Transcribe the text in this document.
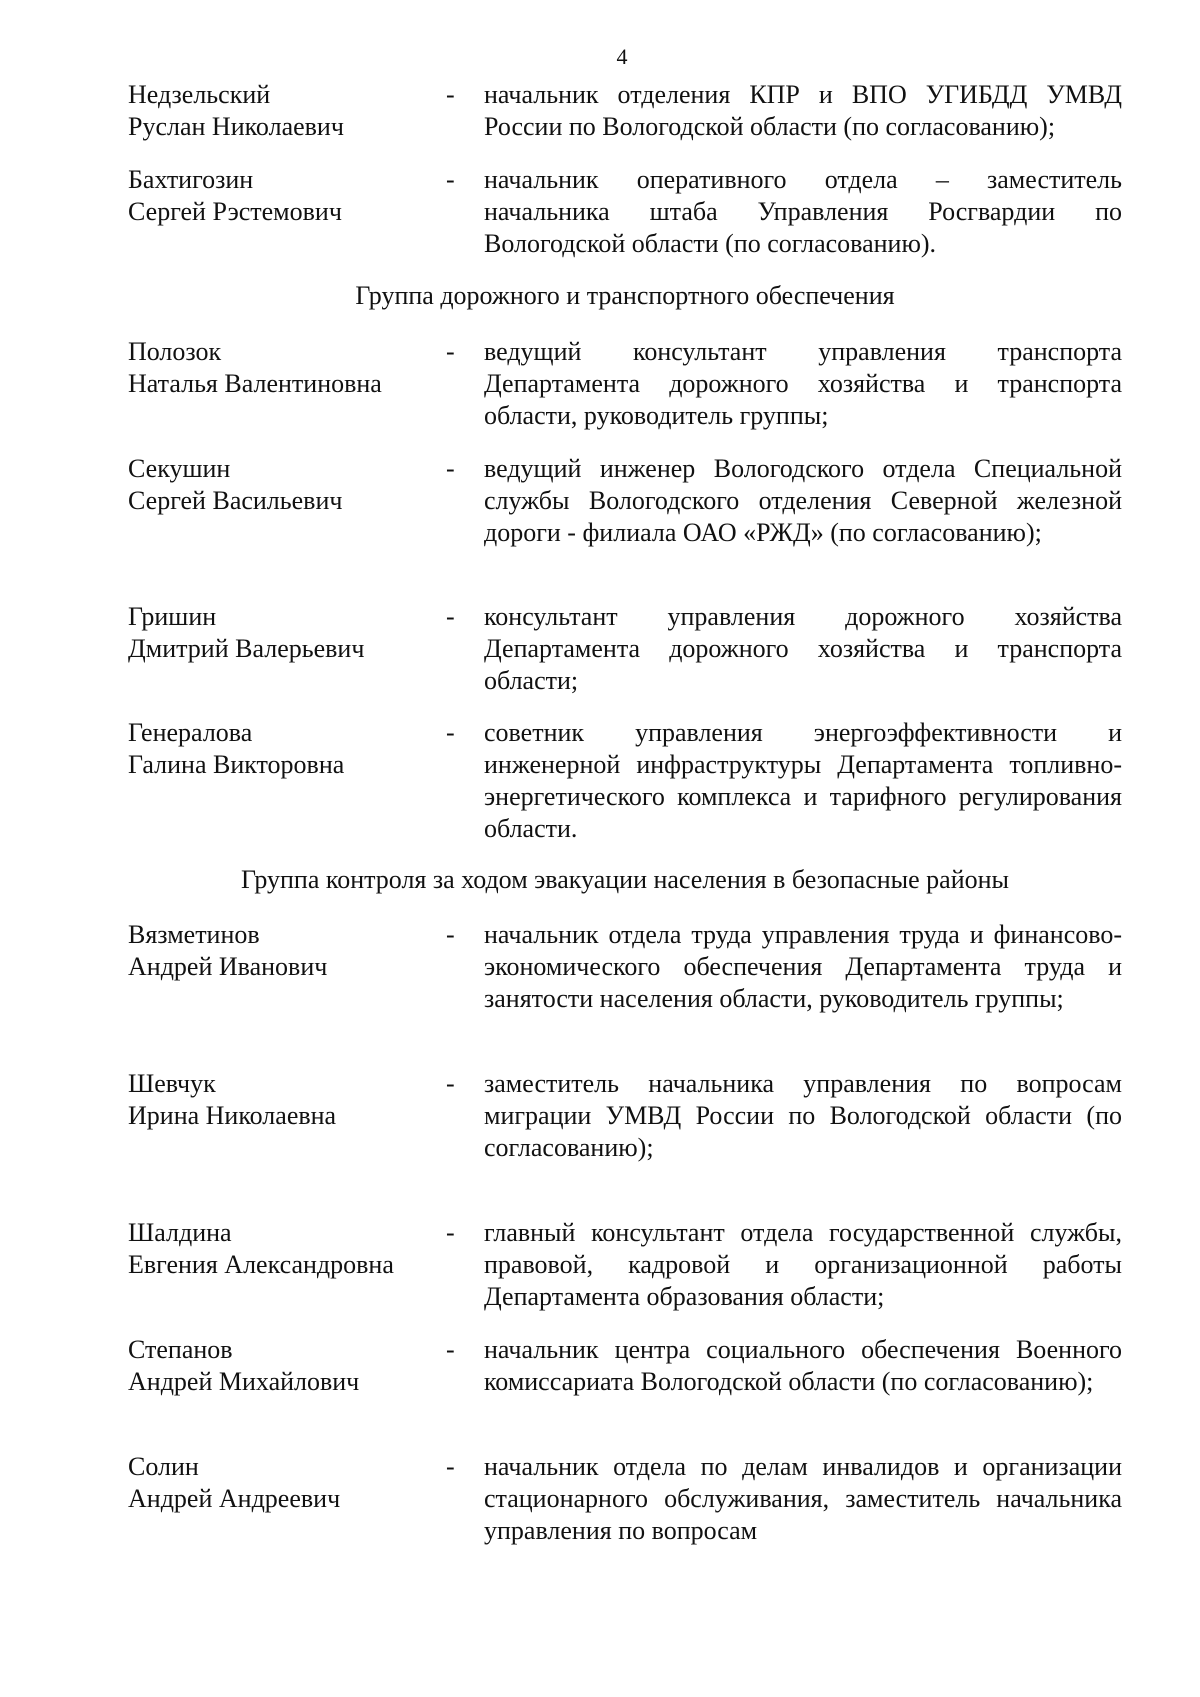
4
Недзельский
Руслан Николаевич
- начальник отделения КПР и ВПО УГИБДД УМВД России по Вологодской области (по согласованию);
Бахтигозин
Сергей Рэстемович
- начальник оперативного отдела – заместитель начальника штаба Управления Росгвардии по Вологодской области (по согласованию).
Группа дорожного и транспортного обеспечения
Полозок
Наталья Валентиновна
- ведущий консультант управления транспорта Департамента дорожного хозяйства и транспорта области, руководитель группы;
Секушин
Сергей Васильевич
- ведущий инженер Вологодского отдела Специальной службы Вологодского отделения Северной железной дороги - филиала ОАО «РЖД» (по согласованию);
Гришин
Дмитрий Валерьевич
- консультант управления дорожного хозяйства Департамента дорожного хозяйства и транспорта области;
Генералова
Галина Викторовна
- советник управления энергоэффективности и инженерной инфраструктуры Департамента топливно-энергетического комплекса и тарифного регулирования области.
Группа контроля за ходом эвакуации населения в безопасные районы
Вязметинов
Андрей Иванович
- начальник отдела труда управления труда и финансово-экономического обеспечения Департамента труда и занятости населения области, руководитель группы;
Шевчук
Ирина Николаевна
- заместитель начальника управления по вопросам миграции УМВД России по Вологодской области (по согласованию);
Шалдина
Евгения Александровна
- главный консультант отдела государственной службы, правовой, кадровой и организационной работы Департамента образования области;
Степанов
Андрей Михайлович
- начальник центра социального обеспечения Военного комиссариата Вологодской области (по согласованию);
Солин
Андрей Андреевич
- начальник отдела по делам инвалидов и организации стационарного обслуживания, заместитель начальника управления по вопросам
